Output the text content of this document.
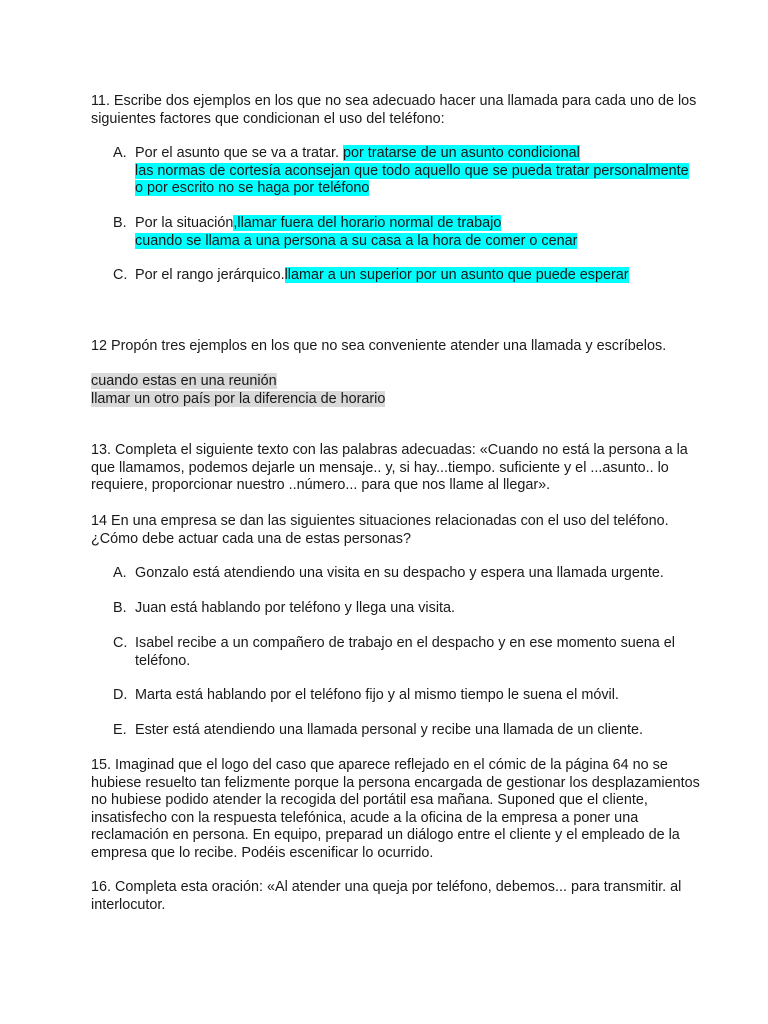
11. Escribe dos ejemplos en los que no sea adecuado hacer una llamada para cada uno de los
siguientes factores que condicionan el uso del teléfono:
A. Por el asunto que se va a tratar. por tratarse de un asunto condicional
las normas de cortesía aconsejan que todo aquello que se pueda tratar personalmente
o por escrito no se haga por teléfono
B. Por la situación,llamar fuera del horario normal de trabajo
cuando se llama a una persona a su casa a la hora de comer o cenar
C. Por el rango jerárquico.llamar a un superior por un asunto que puede esperar
12 Propón tres ejemplos en los que no sea conveniente atender una llamada y escríbelos.
cuando estas en una reunión
llamar un otro país por la diferencia de horario
13. Completa el siguiente texto con las palabras adecuadas: «Cuando no está la persona a la
que llamamos, podemos dejarle un mensaje.. y, si hay...tiempo. suficiente y el ...asunto.. lo
requiere, proporcionar nuestro ..número... para que nos llame al llegar».
14 En una empresa se dan las siguientes situaciones relacionadas con el uso del teléfono.
¿Cómo debe actuar cada una de estas personas?
A. Gonzalo está atendiendo una visita en su despacho y espera una llamada urgente.
B. Juan está hablando por teléfono y llega una visita.
C. Isabel recibe a un compañero de trabajo en el despacho y en ese momento suena el
teléfono.
D. Marta está hablando por el teléfono fijo y al mismo tiempo le suena el móvil.
E. Ester está atendiendo una llamada personal y recibe una llamada de un cliente.
15. Imaginad que el logo del caso que aparece reflejado en el cómic de la página 64 no se
hubiese resuelto tan felizmente porque la persona encargada de gestionar los desplazamientos
no hubiese podido atender la recogida del portátil esa mañana. Suponed que el cliente,
insatisfecho con la respuesta telefónica, acude a la oficina de la empresa a poner una
reclamación en persona. En equipo, preparad un diálogo entre el cliente y el empleado de la
empresa que lo recibe. Podéis escenificar lo ocurrido.
16. Completa esta oración: «Al atender una queja por teléfono, debemos... para transmitir. al
interlocutor.
